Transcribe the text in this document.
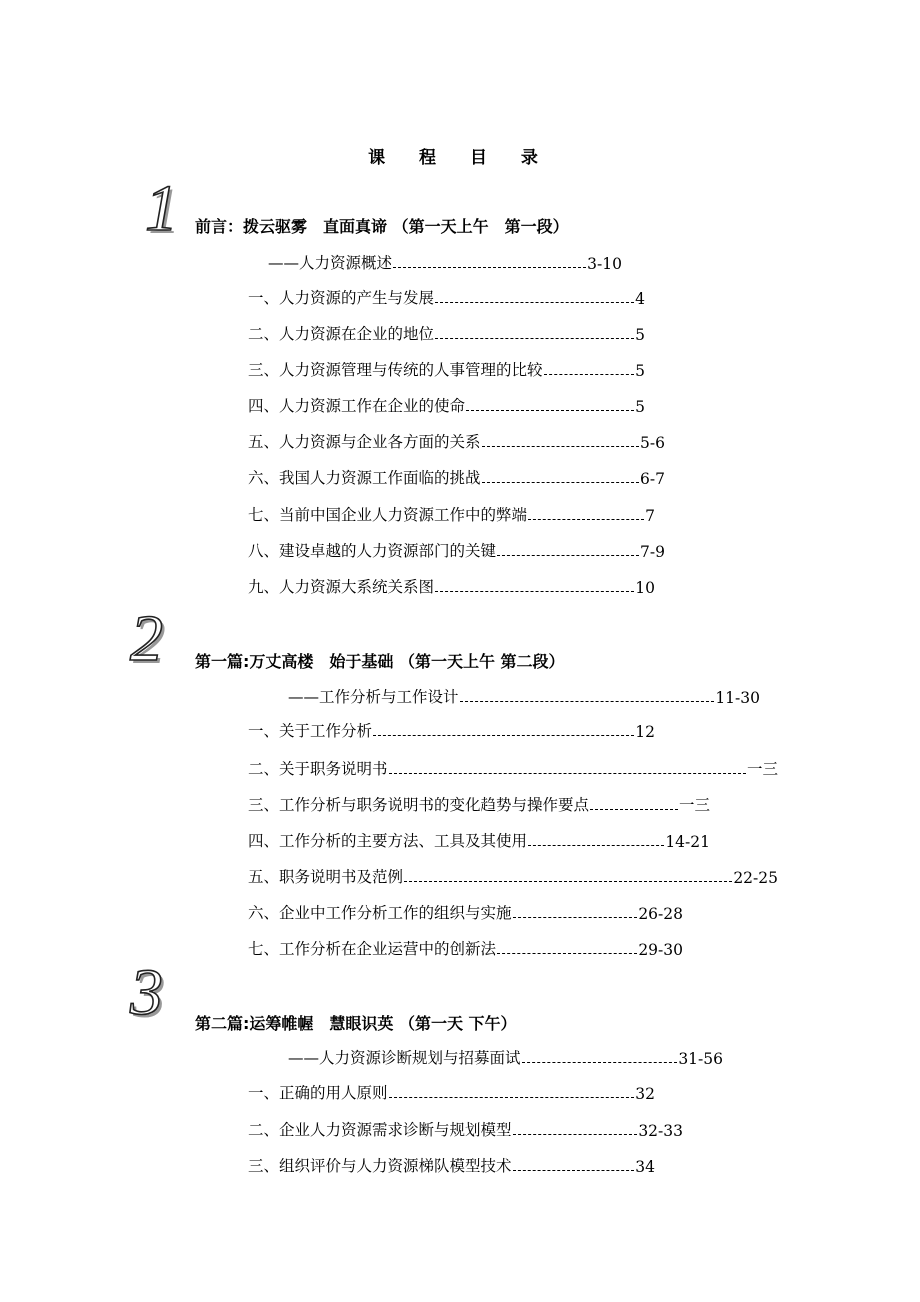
课 程 目 录
1 前言：拨云驱雾　直面真谛 （第一天上午　第一段）
——人力资源概述	3-10
一、人力资源的产生与发展	4
二、人力资源在企业的地位	5
三、人力资源管理与传统的人事管理的比较	5
四、人力资源工作在企业的使命	5
五、人力资源与企业各方面的关系	5-6
六、我国人力资源工作面临的挑战	6-7
七、当前中国企业人力资源工作中的弊端	7
八、建设卓越的人力资源部门的关键	7-9
九、人力资源大系统关系图	10
2 第一篇:万丈高楼　始于基础 （第一天上午 第二段）
——工作分析与工作设计	11-30
一、关于工作分析	12
二、关于职务说明书	一三
三、工作分析与职务说明书的变化趋势与操作要点	一三
四、工作分析的主要方法、工具及其使用	14-21
五、职务说明书及范例	22-25
六、企业中工作分析工作的组织与实施	26-28
七、工作分析在企业运营中的创新法	29-30
3 第二篇:运筹帷幄　慧眼识英 （第一天 下午）
——人力资源诊断规划与招募面试	31-56
一、正确的用人原则	32
二、企业人力资源需求诊断与规划模型	32-33
三、组织评价与人力资源梯队模型技术	34
